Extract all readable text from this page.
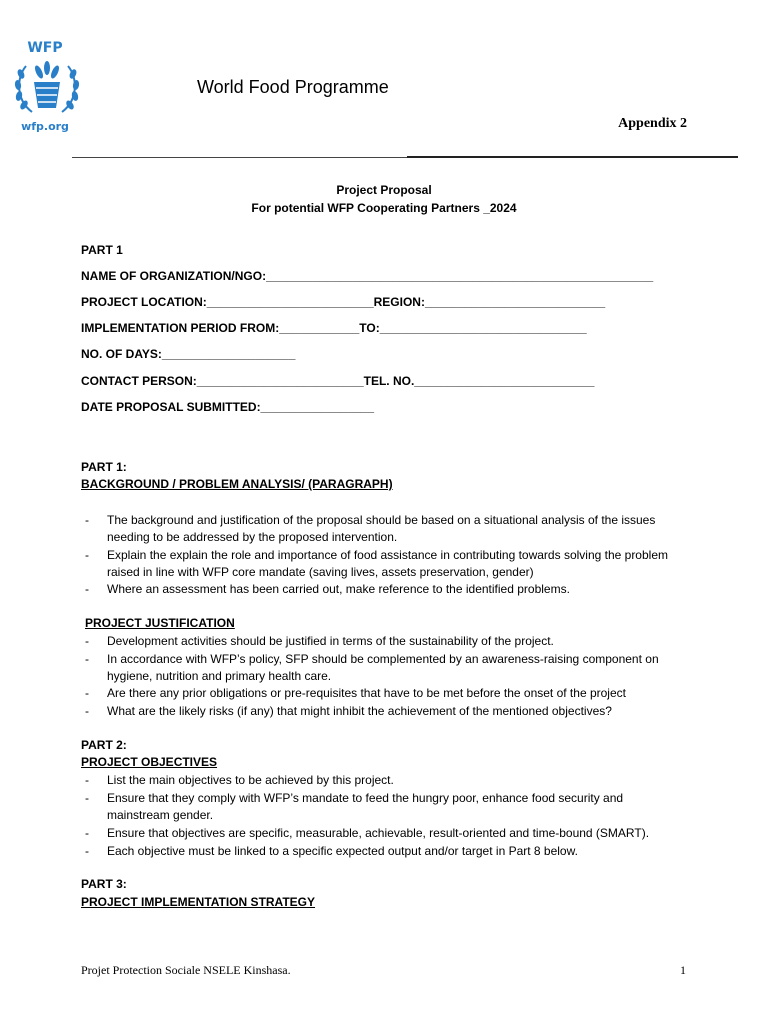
WFP
wfp.org
World Food Programme
Appendix 2
Project Proposal
For potential WFP Cooperating Partners _2024
PART 1
NAME OF ORGANIZATION/NGO:__________________________________________________________
PROJECT LOCATION:_________________________REGION:___________________________
IMPLEMENTATION PERIOD FROM:____________TO:_______________________________
NO. OF DAYS:____________________
CONTACT PERSON:_________________________TEL. NO.___________________________
DATE PROPOSAL SUBMITTED:_________________
PART 1:
BACKGROUND / PROBLEM ANALYSIS/ (PARAGRAPH)
- The background and justification of the proposal should be based on a situational analysis of the issues needing to be addressed by the proposed intervention.
- Explain the explain the role and importance of food assistance in contributing towards solving the problem raised in line with WFP core mandate (saving lives, assets preservation, gender)
- Where an assessment has been carried out, make reference to the identified problems.
PROJECT JUSTIFICATION
- Development activities should be justified in terms of the sustainability of the project.
- In accordance with WFP’s policy, SFP should be complemented by an awareness-raising component on hygiene, nutrition and primary health care.
- Are there any prior obligations or pre-requisites that have to be met before the onset of the project
- What are the likely risks (if any) that might inhibit the achievement of the mentioned objectives?
PART 2:
PROJECT OBJECTIVES
- List the main objectives to be achieved by this project.
- Ensure that they comply with WFP’s mandate to feed the hungry poor, enhance food security and mainstream gender.
- Ensure that objectives are specific, measurable, achievable, result-oriented and time-bound (SMART).
- Each objective must be linked to a specific expected output and/or target in Part 8 below.
PART 3:
PROJECT IMPLEMENTATION STRATEGY
Projet Protection Sociale NSELE Kinshasa.	1
